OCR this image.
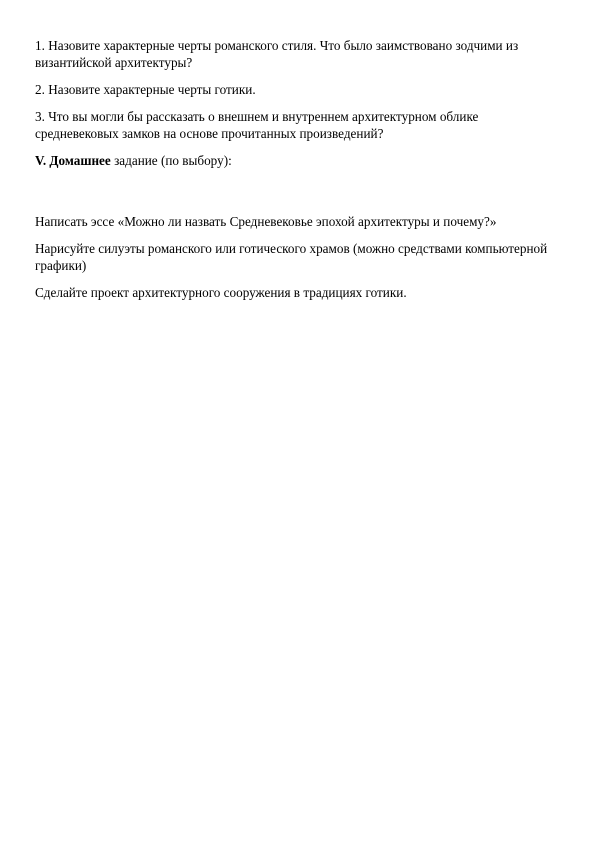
1. Назовите характерные черты романского стиля. Что было заимствовано зодчими из византийской архитектуры?

2. Назовите характерные черты готики.

3. Что вы могли бы рассказать о внешнем и внутреннем архитектурном облике средневековых замков на основе прочитанных произведений?

V. Домашнее задание (по выбору):

Написать эссе «Можно ли назвать Средневековье эпохой архитектуры и почему?»

Нарисуйте силуэты романского или готического храмов (можно средствами компьютерной графики)

Сделайте проект архитектурного сооружения в традициях готики.
